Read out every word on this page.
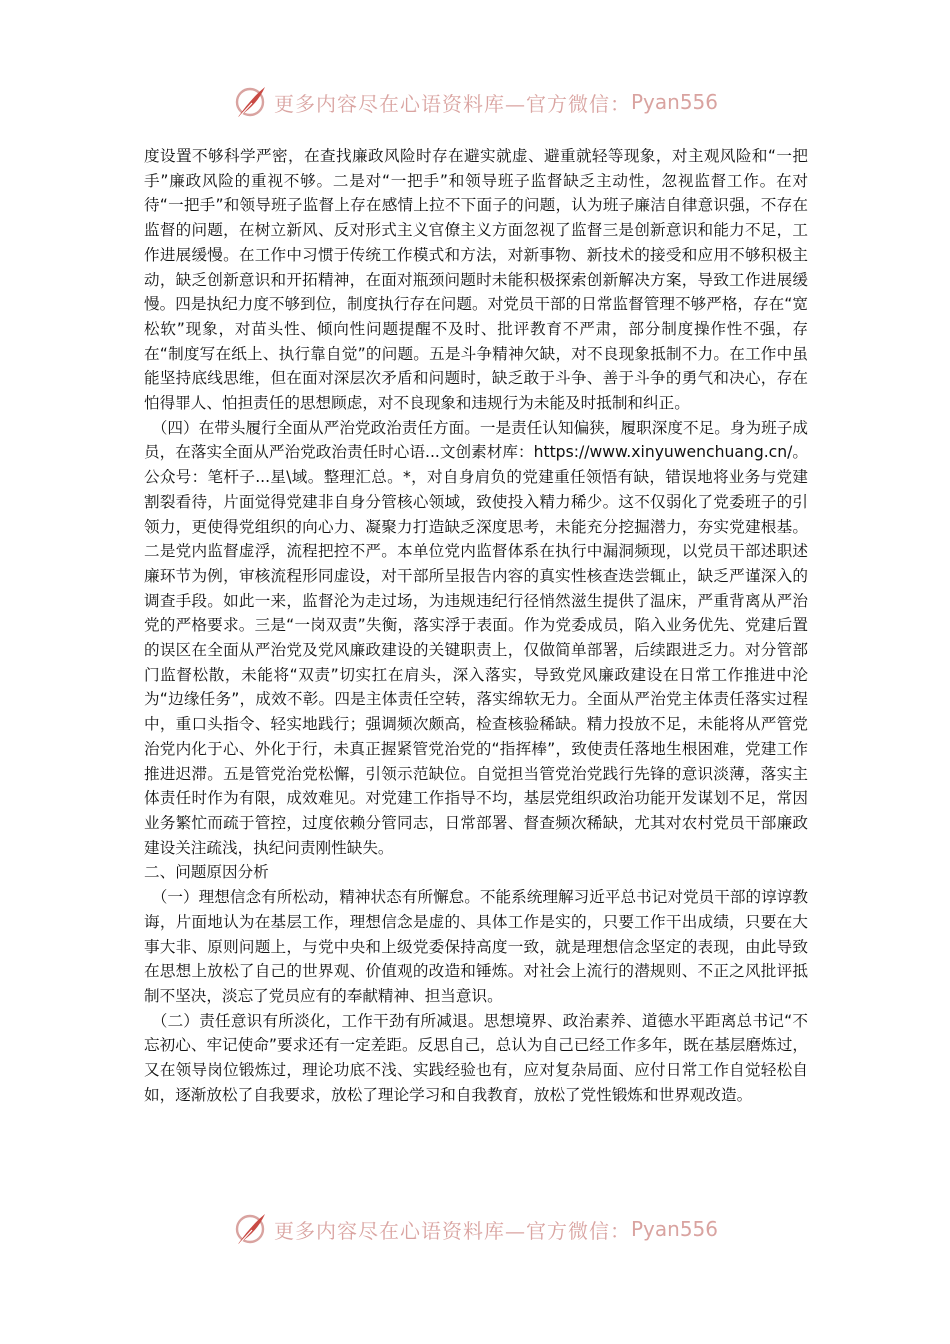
更多内容尽在心语资料库—官方微信： Pyan556

度设置不够科学严密，在查找廉政风险时存在避实就虚、避重就轻等现象，对主观风险和“一把手”廉政风险的重视不够。二是对“一把手”和领导班子监督缺乏主动性，忽视监督工作。在对待“一把手”和领导班子监督上存在感情上拉不下面子的问题，认为班子廉洁自律意识强，不存在监督的问题，在树立新风、反对形式主义官僚主义方面忽视了监督三是创新意识和能力不足，工作进展缓慢。在工作中习惯于传统工作模式和方法，对新事物、新技术的接受和应用不够积极主动，缺乏创新意识和开拓精神，在面对瓶颈问题时未能积极探索创新解决方案，导致工作进展缓慢。四是执纪力度不够到位，制度执行存在问题。对党员干部的日常监督管理不够严格，存在“宽松软”现象，对苗头性、倾向性问题提醒不及时、批评教育不严肃，部分制度操作性不强，存在“制度写在纸上、执行靠自觉”的问题。五是斗争精神欠缺，对不良现象抵制不力。在工作中虽能坚持底线思维，但在面对深层次矛盾和问题时，缺乏敢于斗争、善于斗争的勇气和决心，存在怕得罪人、怕担责任的思想顾虑，对不良现象和违规行为未能及时抵制和纠正。

（四）在带头履行全面从严治党政治责任方面。一是责任认知偏狭，履职深度不足。身为班子成员，在落实全面从严治党政治责任时心语...文创素材库：https://www.xinyuwenchuang.cn/。公众号：笔杆子...星\域。整理汇总。*，对自身肩负的党建重任领悟有缺，错误地将业务与党建割裂看待，片面觉得党建非自身分管核心领域，致使投入精力稀少。这不仅弱化了党委班子的引领力，更使得党组织的向心力、凝聚力打造缺乏深度思考，未能充分挖掘潜力，夯实党建根基。二是党内监督虚浮，流程把控不严。本单位党内监督体系在执行中漏洞频现，以党员干部述职述廉环节为例，审核流程形同虚设，对干部所呈报告内容的真实性核查迭尝辄止，缺乏严谨深入的调查手段。如此一来，监督沦为走过场，为违规违纪行径悄然滋生提供了温床，严重背离从严治党的严格要求。三是“一岗双责”失衡，落实浮于表面。作为党委成员，陷入业务优先、党建后置的误区在全面从严治党及党风廉政建设的关键职责上，仅做简单部署，后续跟进乏力。对分管部门监督松散，未能将“双责”切实扛在肩头，深入落实，导致党风廉政建设在日常工作推进中沦为“边缘任务”，成效不彰。四是主体责任空转，落实绵软无力。全面从严治党主体责任落实过程中，重口头指令、轻实地践行；强调频次颇高，检查核验稀缺。精力投放不足，未能将从严管党治党内化于心、外化于行，未真正握紧管党治党的“指挥棒”，致使责任落地生根困难，党建工作推进迟滞。五是管党治党松懈，引领示范缺位。自觉担当管党治党践行先锋的意识淡薄，落实主体责任时作为有限，成效难见。对党建工作指导不均，基层党组织政治功能开发谋划不足，常因业务繁忙而疏于管控，过度依赖分管同志，日常部署、督查频次稀缺，尤其对农村党员干部廉政建设关注疏浅，执纪问责刚性缺失。

二、问题原因分析

（一）理想信念有所松动，精神状态有所懈怠。不能系统理解习近平总书记对党员干部的谆谆教诲，片面地认为在基层工作，理想信念是虚的、具体工作是实的，只要工作干出成绩，只要在大事大非、原则问题上，与党中央和上级党委保持高度一致，就是理想信念坚定的表现，由此导致在思想上放松了自己的世界观、价值观的改造和锤炼。对社会上流行的潜规则、不正之风批评抵制不坚决，淡忘了党员应有的奉献精神、担当意识。

（二）责任意识有所淡化，工作干劲有所减退。思想境界、政治素养、道德水平距离总书记“不忘初心、牢记使命”要求还有一定差距。反思自己，总认为自己已经工作多年，既在基层磨炼过，又在领导岗位锻炼过，理论功底不浅、实践经验也有，应对复杂局面、应付日常工作自觉轻松自如，逐渐放松了自我要求，放松了理论学习和自我教育，放松了党性锻炼和世界观改造。

更多内容尽在心语资料库—官方微信： Pyan556
